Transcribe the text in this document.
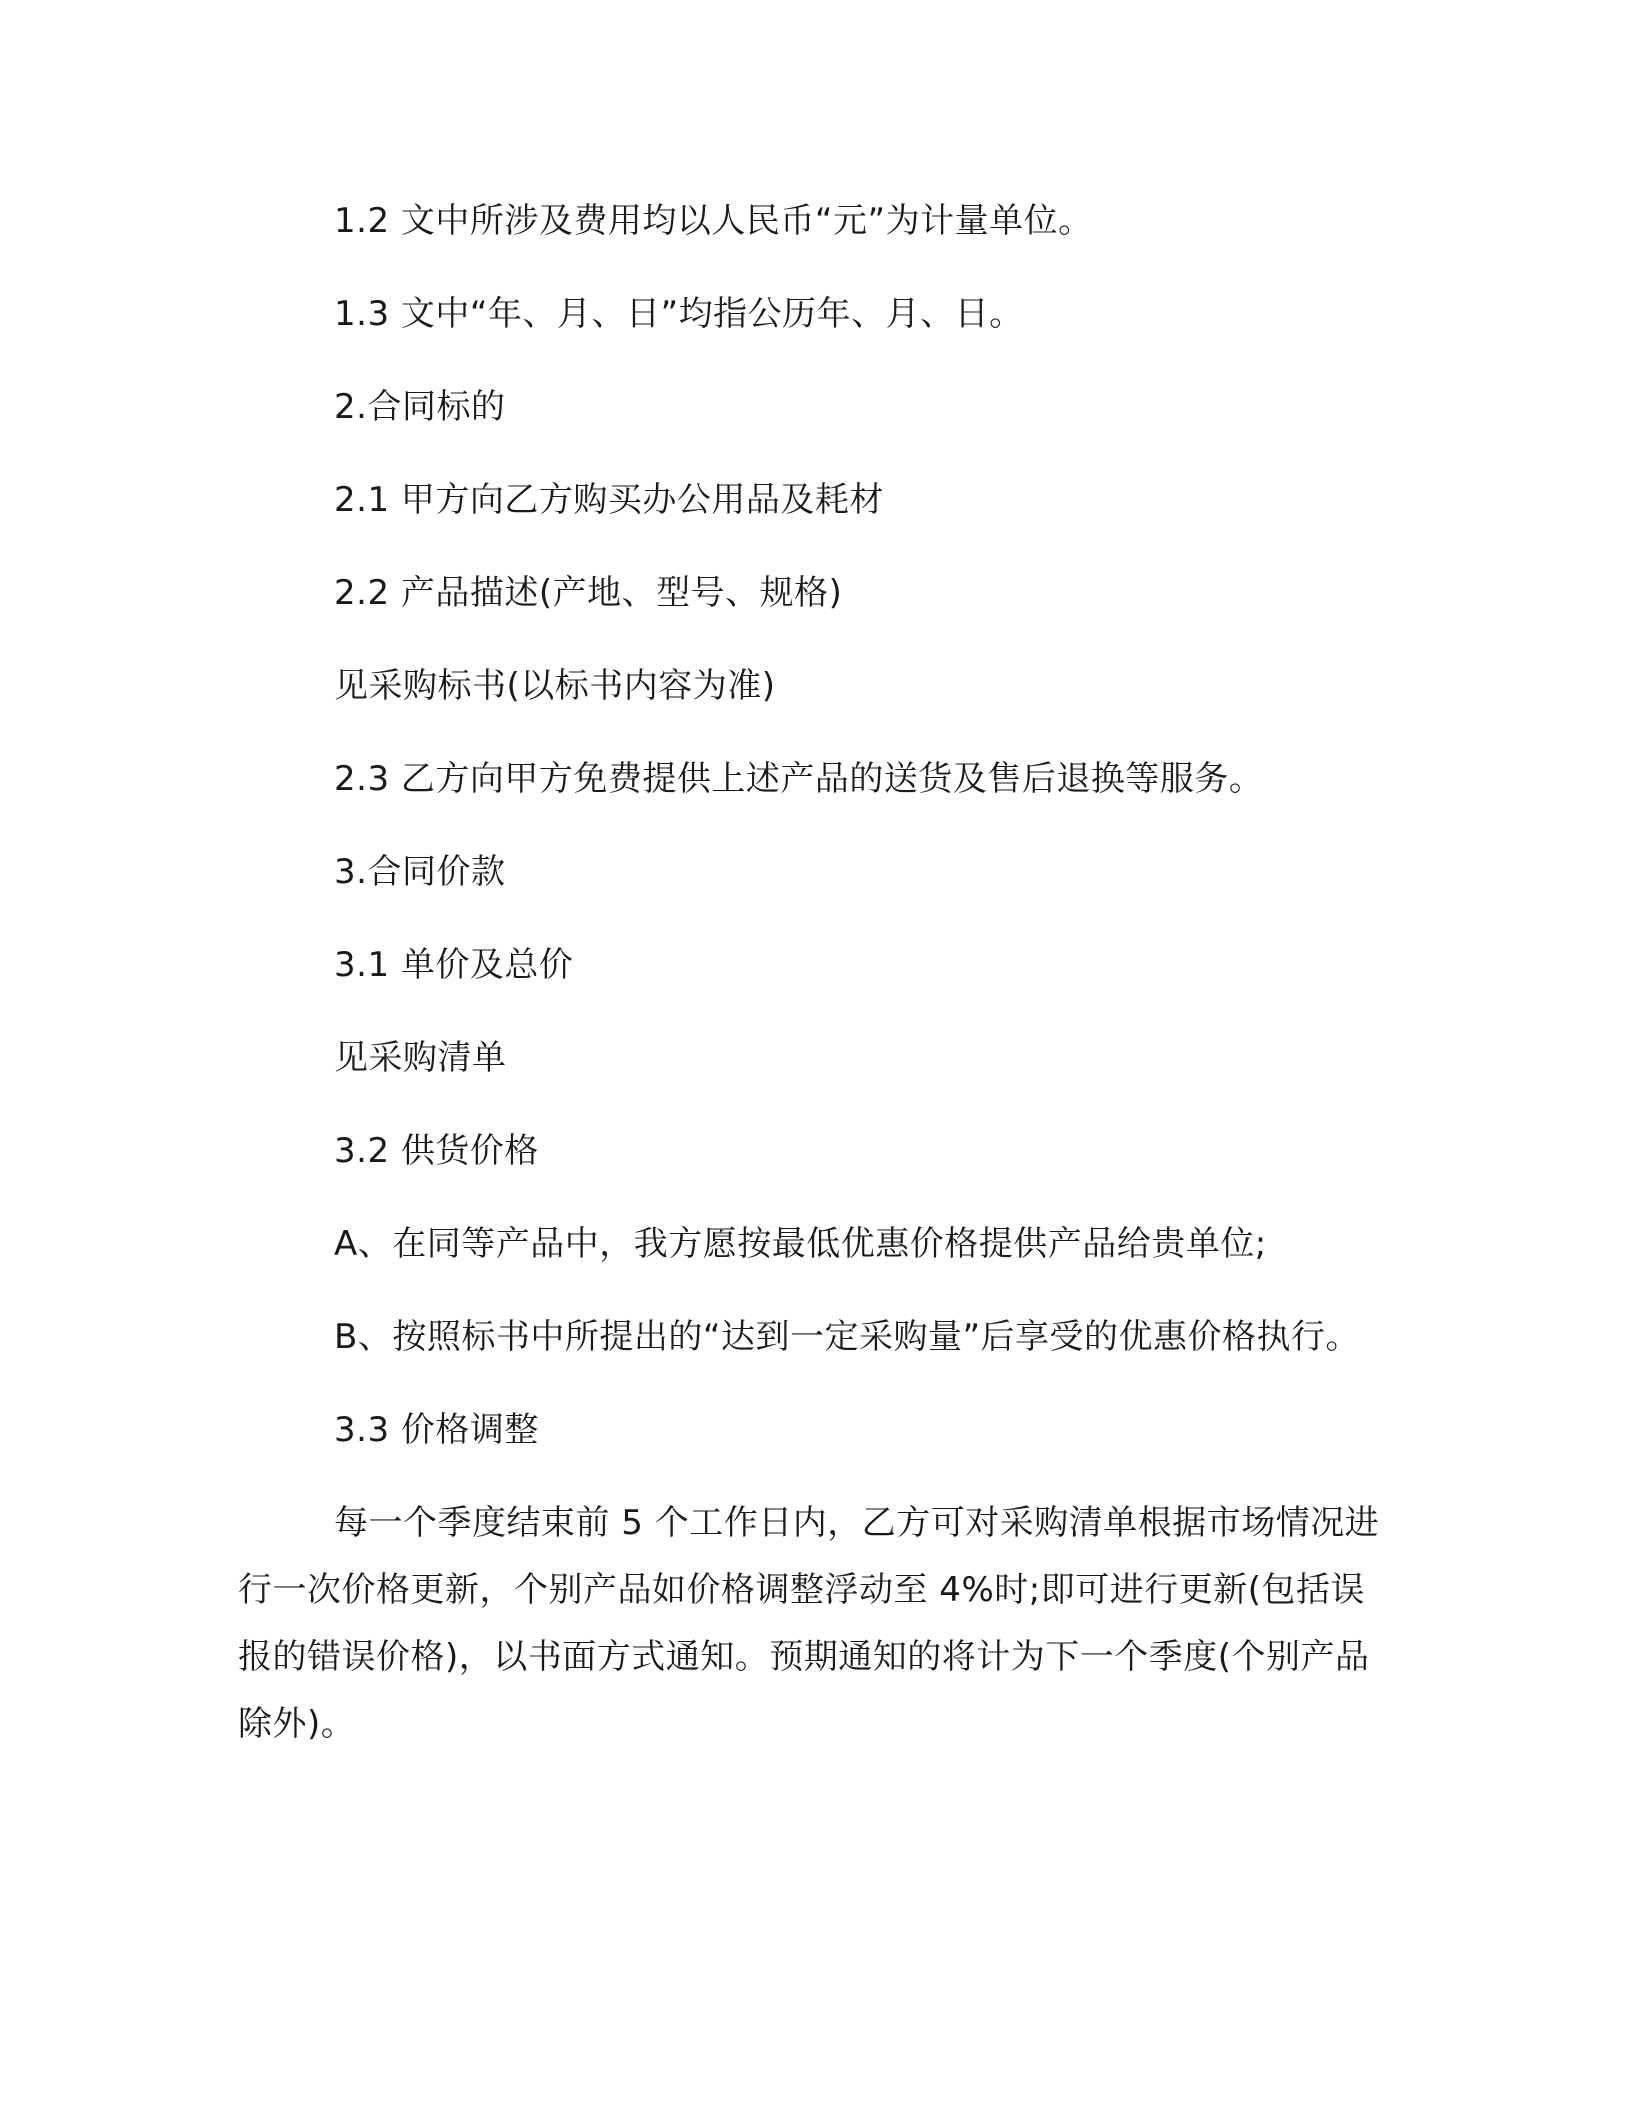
1.2 文中所涉及费用均以人民币“元”为计量单位。

1.3 文中“年、月、日”均指公历年、月、日。

2.合同标的

2.1 甲方向乙方购买办公用品及耗材

2.2 产品描述(产地、型号、规格)

见采购标书(以标书内容为准)

2.3 乙方向甲方免费提供上述产品的送货及售后退换等服务。

3.合同价款

3.1 单价及总价

见采购清单

3.2 供货价格

A、在同等产品中，我方愿按最低优惠价格提供产品给贵单位;

B、按照标书中所提出的“达到一定采购量”后享受的优惠价格执行。

3.3 价格调整

每一个季度结束前 5 个工作日内，乙方可对采购清单根据市场情况进行一次价格更新，个别产品如价格调整浮动至 4%时;即可进行更新(包括误报的错误价格)，以书面方式通知。预期通知的将计为下一个季度(个别产品除外)。
